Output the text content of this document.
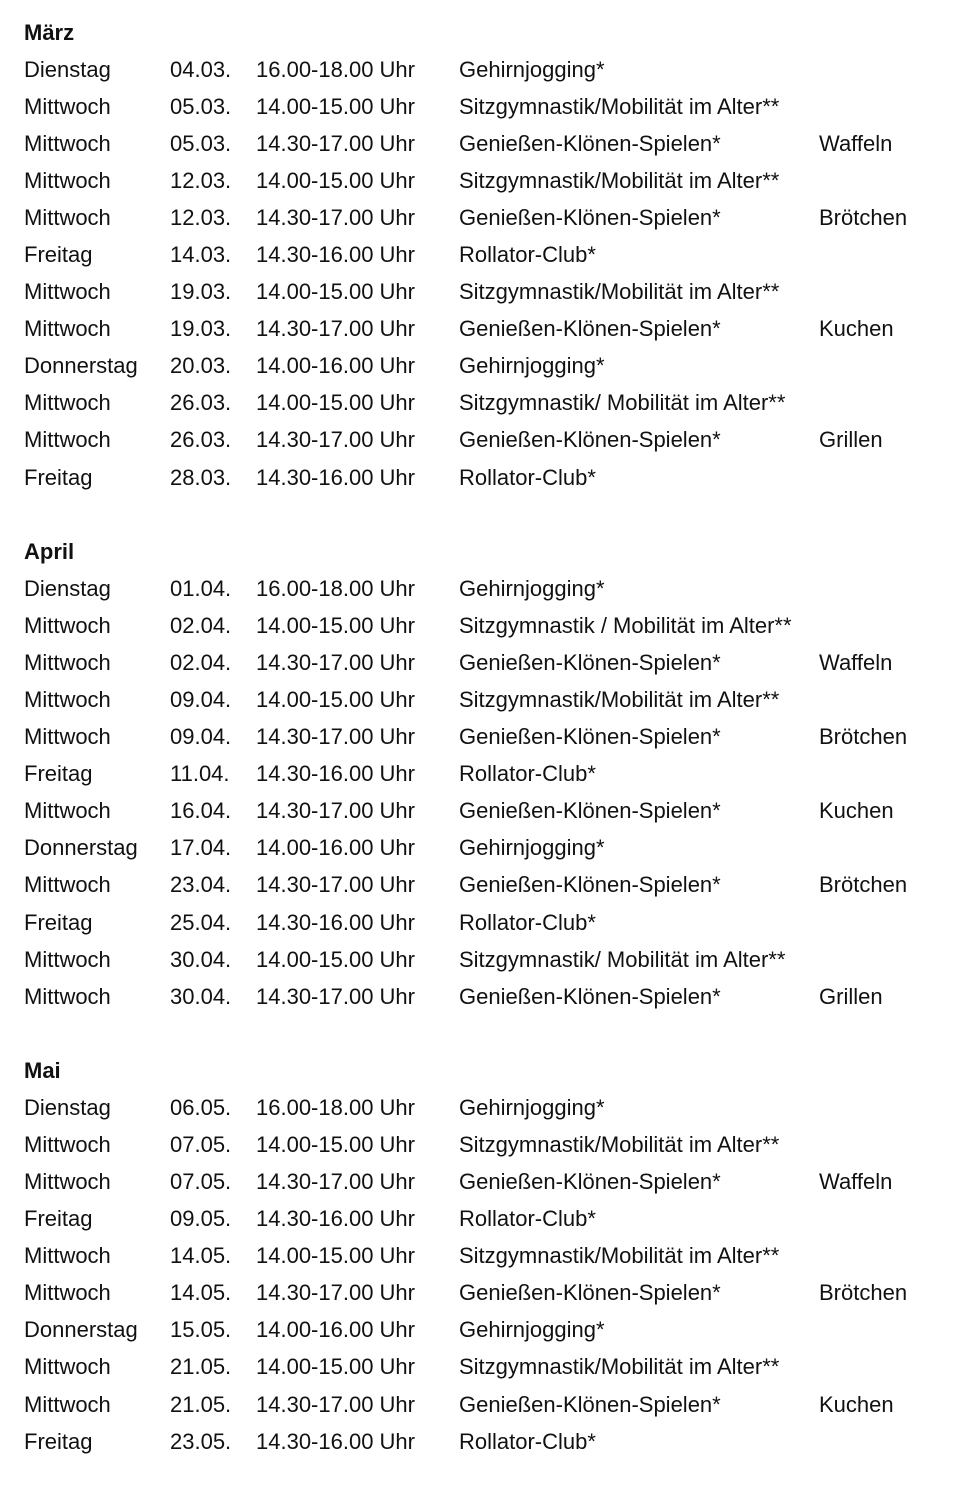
März
Dienstag	04.03.	16.00-18.00 Uhr	Gehirnjogging*
Mittwoch	05.03.	14.00-15.00 Uhr	Sitzgymnastik/Mobilität im Alter**
Mittwoch	05.03.	14.30-17.00 Uhr	Genießen-Klönen-Spielen*	Waffeln
Mittwoch	12.03.	14.00-15.00 Uhr	Sitzgymnastik/Mobilität im Alter**
Mittwoch	12.03.	14.30-17.00 Uhr	Genießen-Klönen-Spielen*	Brötchen
Freitag	14.03.	14.30-16.00 Uhr	Rollator-Club*
Mittwoch	19.03.	14.00-15.00 Uhr	Sitzgymnastik/Mobilität im Alter**
Mittwoch	19.03.	14.30-17.00 Uhr	Genießen-Klönen-Spielen*	Kuchen
Donnerstag	20.03.	14.00-16.00 Uhr	Gehirnjogging*
Mittwoch	26.03.	14.00-15.00 Uhr	Sitzgymnastik/ Mobilität im Alter**
Mittwoch	26.03.	14.30-17.00 Uhr	Genießen-Klönen-Spielen*	Grillen
Freitag	28.03.	14.30-16.00 Uhr	Rollator-Club*
April
Dienstag	01.04.	16.00-18.00 Uhr	Gehirnjogging*
Mittwoch	02.04.	14.00-15.00 Uhr	Sitzgymnastik / Mobilität im Alter**
Mittwoch	02.04.	14.30-17.00 Uhr	Genießen-Klönen-Spielen*	Waffeln
Mittwoch	09.04.	14.00-15.00 Uhr	Sitzgymnastik/Mobilität im Alter**
Mittwoch	09.04.	14.30-17.00 Uhr	Genießen-Klönen-Spielen*	Brötchen
Freitag	11.04.	14.30-16.00 Uhr	Rollator-Club*
Mittwoch	16.04.	14.30-17.00 Uhr	Genießen-Klönen-Spielen*	Kuchen
Donnerstag	17.04.	14.00-16.00 Uhr	Gehirnjogging*
Mittwoch	23.04.	14.30-17.00 Uhr	Genießen-Klönen-Spielen*	Brötchen
Freitag	25.04.	14.30-16.00 Uhr	Rollator-Club*
Mittwoch	30.04.	14.00-15.00 Uhr	Sitzgymnastik/ Mobilität im Alter**
Mittwoch	30.04.	14.30-17.00 Uhr	Genießen-Klönen-Spielen*	Grillen
Mai
Dienstag	06.05.	16.00-18.00 Uhr	Gehirnjogging*
Mittwoch	07.05.	14.00-15.00 Uhr	Sitzgymnastik/Mobilität im Alter**
Mittwoch	07.05.	14.30-17.00 Uhr	Genießen-Klönen-Spielen*	Waffeln
Freitag	09.05.	14.30-16.00 Uhr	Rollator-Club*
Mittwoch	14.05.	14.00-15.00 Uhr	Sitzgymnastik/Mobilität im Alter**
Mittwoch	14.05.	14.30-17.00 Uhr	Genießen-Klönen-Spielen*	Brötchen
Donnerstag	15.05.	14.00-16.00 Uhr	Gehirnjogging*
Mittwoch	21.05.	14.00-15.00 Uhr	Sitzgymnastik/Mobilität im Alter**
Mittwoch	21.05.	14.30-17.00 Uhr	Genießen-Klönen-Spielen*	Kuchen
Freitag	23.05.	14.30-16.00 Uhr	Rollator-Club*
